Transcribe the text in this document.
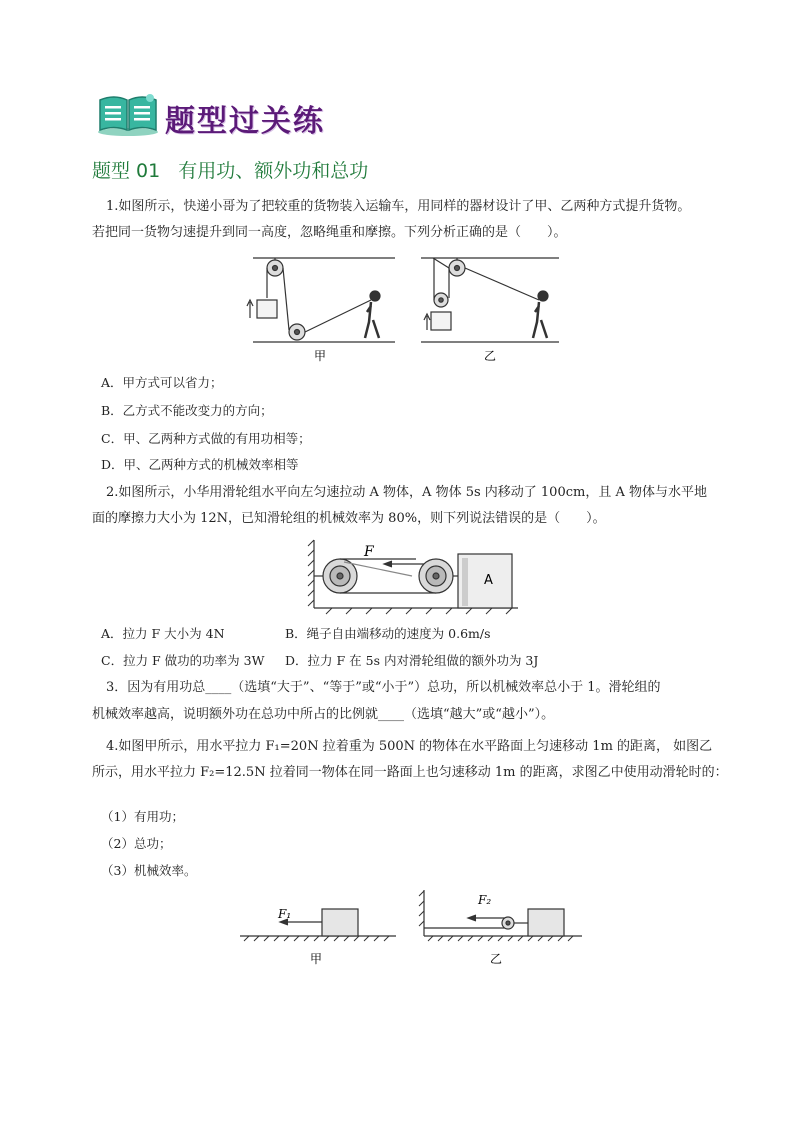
题型过关练
题型 01 有用功、额外功和总功
1.如图所示，快递小哥为了把较重的货物装入运输车，用同样的器材设计了甲、乙两种方式提升货物。
若把同一货物匀速提升到同一高度，忽略绳重和摩擦。下列分析正确的是（　　）。
甲	乙
A．甲方式可以省力；
B．乙方式不能改变力的方向；
C．甲、乙两种方式做的有用功相等；
D．甲、乙两种方式的机械效率相等
2.如图所示，小华用滑轮组水平向左匀速拉动 A 物体，A 物体 5s 内移动了 100cm，且 A 物体与水平地
面的摩擦力大小为 12N，已知滑轮组的机械效率为 80%，则下列说法错误的是（　　）。
F
A
A．拉力 F 大小为 4N	B．绳子自由端移动的速度为 0.6m/s
C．拉力 F 做功的功率为 3W D．拉力 F 在 5s 内对滑轮组做的额外功为 3J
3．因为有用功总____（选填“大于”、“等于”或“小于”）总功，所以机械效率总小于 1。滑轮组的
机械效率越高，说明额外功在总功中所占的比例就____（选填“越大”或“越小”）。
4.如图甲所示，用水平拉力 F₁=20N 拉着重为 500N 的物体在水平路面上匀速移动 1m 的距离， 如图乙
所示，用水平拉力 F₂=12.5N 拉着同一物体在同一路面上也匀速移动 1m 的距离，求图乙中使用动滑轮时的：
（1）有用功；
（2）总功；
（3）机械效率。
F₁
F₂
甲	乙
